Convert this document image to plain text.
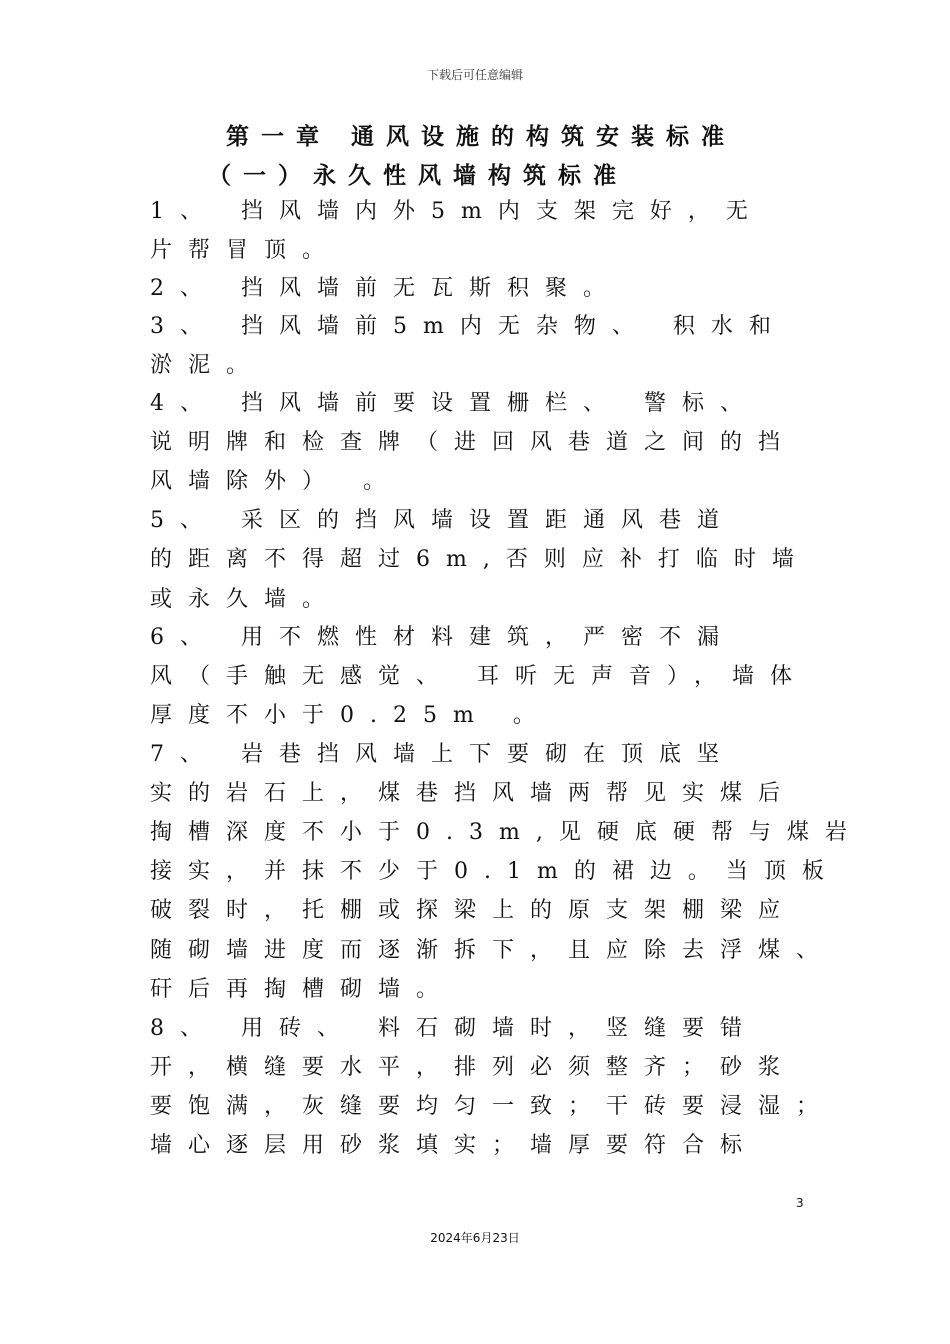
下载后可任意编辑
第一章 通风设施的构筑安装标准
（一）永久性风墙构筑标准
1、 挡风墙内外5m内支架完好，无
片帮冒顶。
2、 挡风墙前无瓦斯积聚。
3、 挡风墙前5m内无杂物、 积水和
淤泥。
4、 挡风墙前要设置栅栏、 警标、
说明牌和检查牌（进回风巷道之间的挡
风墙除外） 。
5、 采区的挡风墙设置距通风巷道
的距离不得超过6m,否则应补打临时墙
或永久墙。
6、 用不燃性材料建筑，严密不漏
风（手触无感觉、 耳听无声音），墙体
厚度不小于0.25m 。
7、 岩巷挡风墙上下要砌在顶底坚
实的岩石上，煤巷挡风墙两帮见实煤后
掏槽深度不小于0.3m,见硬底硬帮与煤岩
接实，并抹不少于0.1m的裙边。当顶板
破裂时，托棚或探梁上的原支架棚梁应
随砌墙进度而逐渐拆下，且应除去浮煤、
矸后再掏槽砌墙。
8、 用砖、 料石砌墙时，竖缝要错
开，横缝要水平，排列必须整齐；砂浆
要饱满，灰缝要均匀一致；干砖要浸湿；
墙心逐层用砂浆填实；墙厚要符合标
3
2024年6月23日
